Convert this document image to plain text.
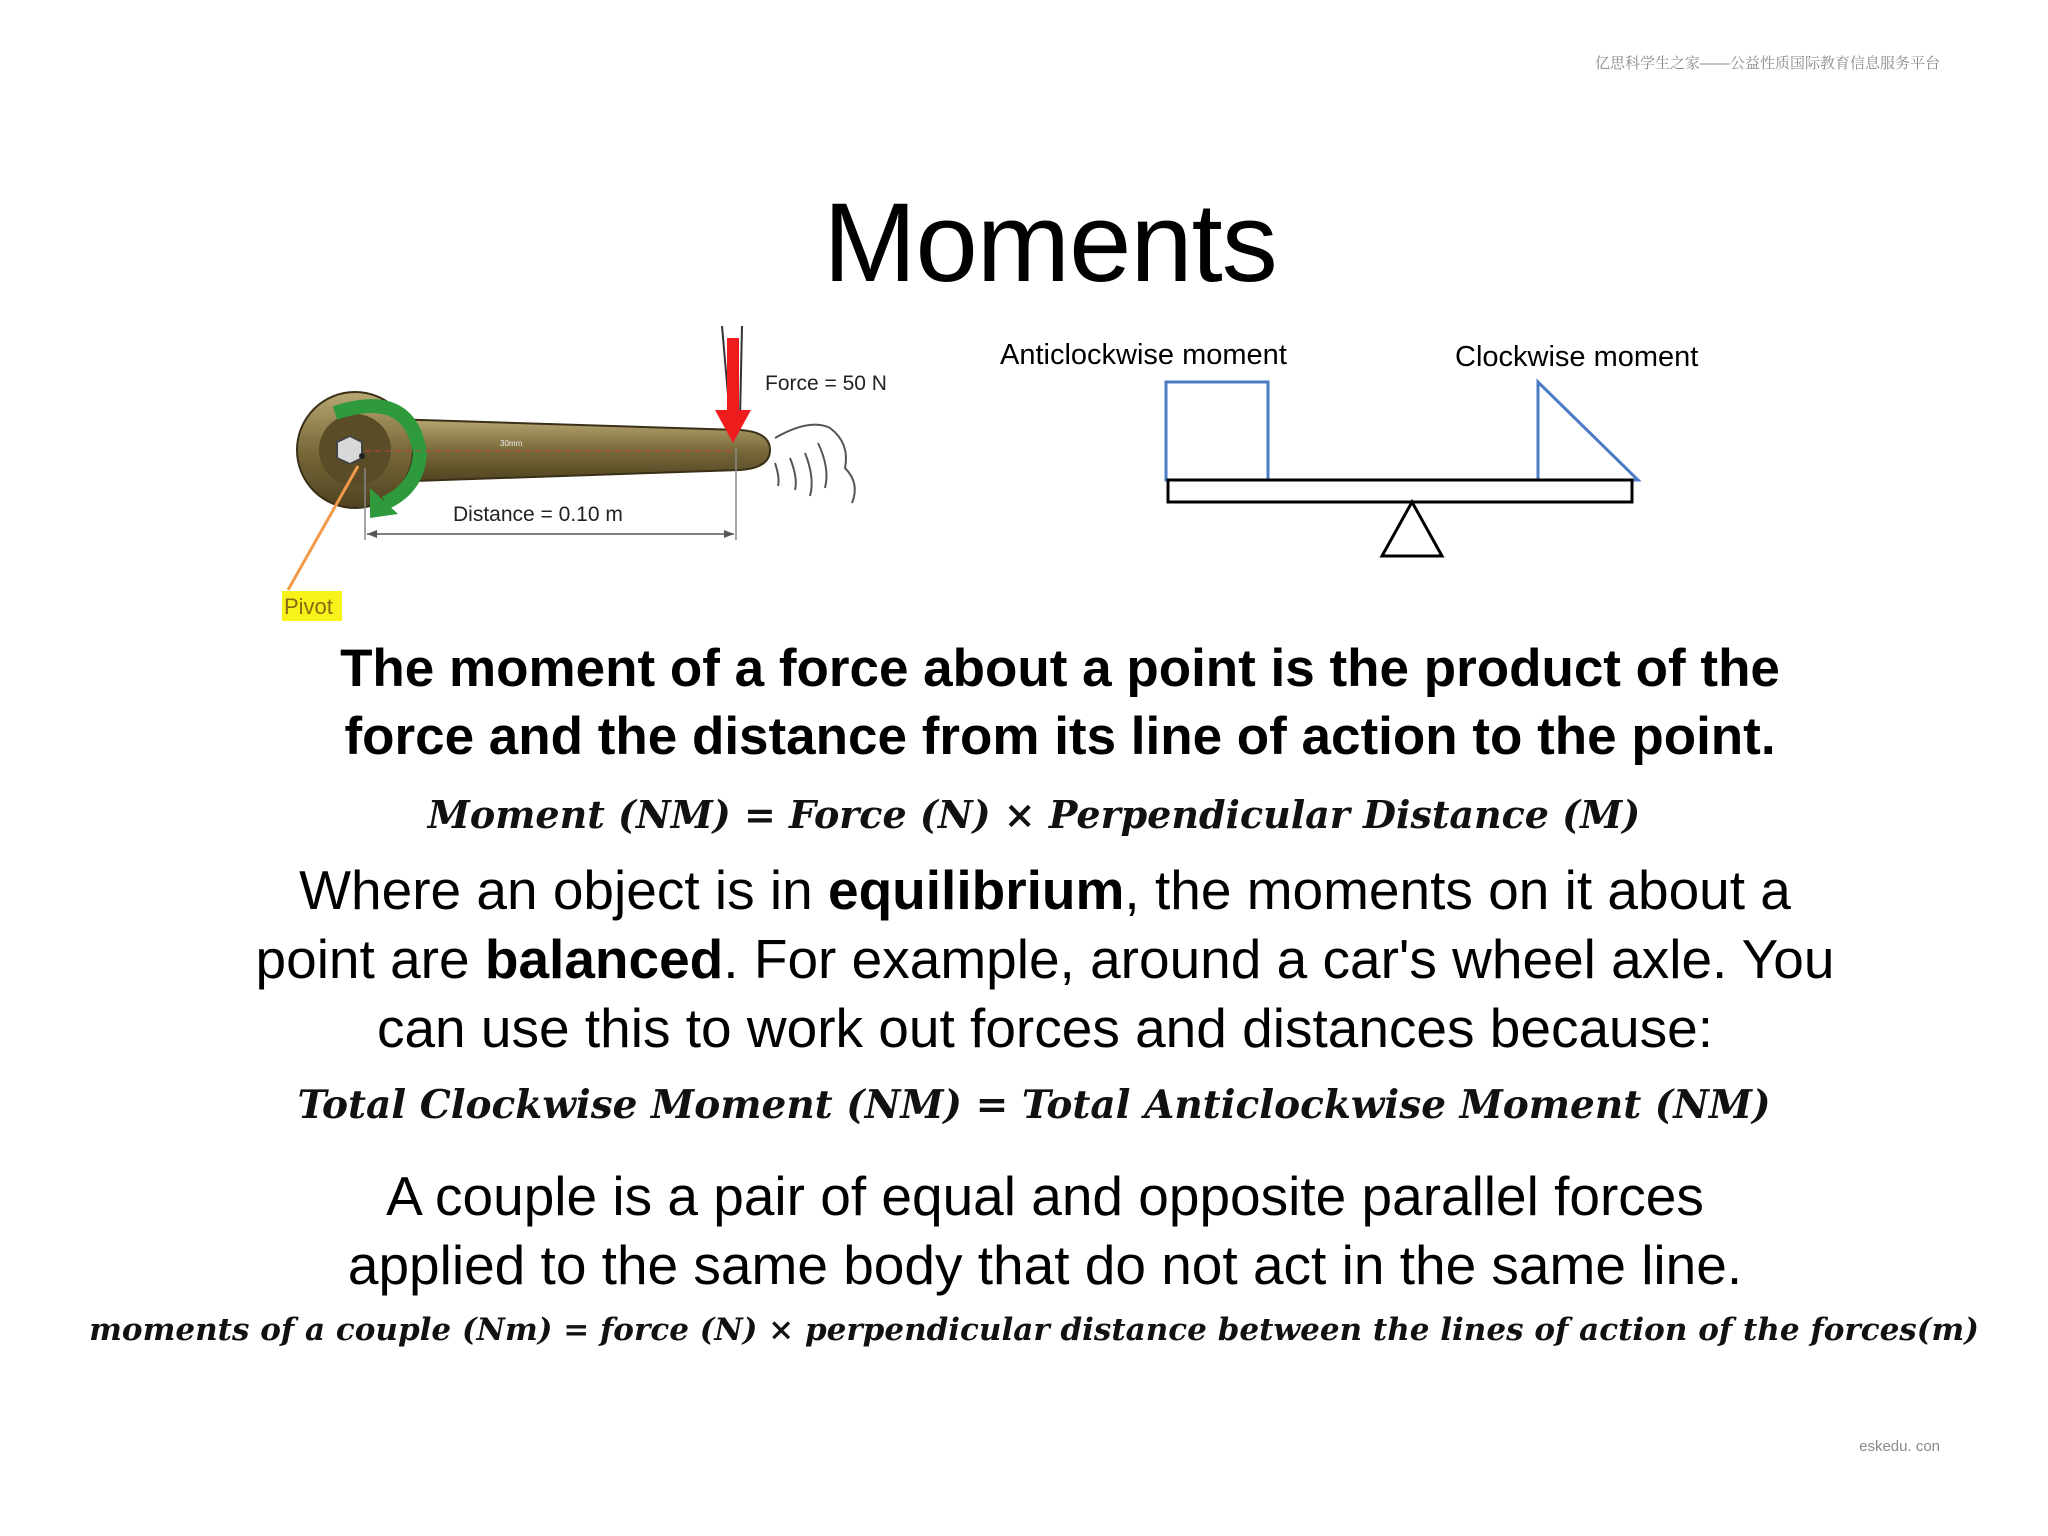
亿思科学生之家——公益性质国际教育信息服务平台
Moments
30mm
Force = 50 N
Distance = 0.10 m
Pivot
Anticlockwise moment	Clockwise moment
The moment of a force about a point is the product of the
force and the distance from its line of action to the point.
Moment (NM) = Force (N) × Perpendicular Distance (M)
Where an object is in equilibrium, the moments on it about a
point are balanced. For example, around a car's wheel axle. You
can use this to work out forces and distances because:
Total Clockwise Moment (NM) = Total Anticlockwise Moment (NM)
A couple is a pair of equal and opposite parallel forces
applied to the same body that do not act in the same line.
moments of a couple (Nm) = force (N) × perpendicular distance between the lines of action of the forces(m)
eskedu. con
